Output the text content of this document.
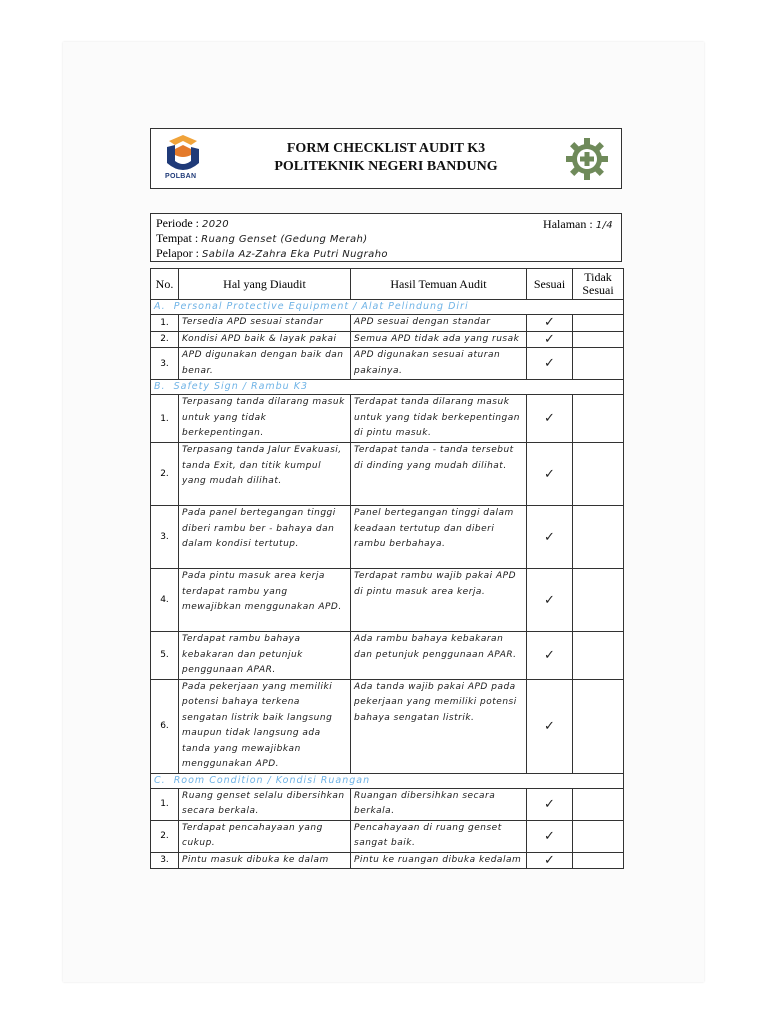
POLBAN
FORM CHECKLIST AUDIT K3
POLITEKNIK NEGERI BANDUNG
Periode : 2020
Tempat : Ruang Genset (Gedung Merah)
Pelapor : Sabila Az-Zahra Eka Putri Nugraho
Halaman : 1/4
No.	Hal yang Diaudit	Hasil Temuan Audit	Sesuai	Tidak Sesuai
A. Personal Protective Equipment / Alat Pelindung Diri				
1.	Tersedia APD sesuai standar	APD sesuai dengan standar	✓	
2.	Kondisi APD baik & layak pakai	Semua APD tidak ada yang rusak	✓	
3.	APD digunakan dengan baik dan benar.	APD digunakan sesuai aturan pakainya.	✓	
B. Safety Sign / Rambu K3				
1.	Terpasang tanda dilarang masuk untuk yang tidak berkepentingan.	Terdapat tanda dilarang masuk untuk yang tidak berkepentingan di pintu masuk.	✓	
2.	Terpasang tanda Jalur Evakuasi, tanda Exit, dan titik kumpul yang mudah dilihat.	Terdapat tanda - tanda tersebut di dinding yang mudah dilihat.	✓	
3.	Pada panel bertegangan tinggi diberi rambu ber - bahaya dan dalam kondisi tertutup.	Panel bertegangan tinggi dalam keadaan tertutup dan diberi rambu berbahaya.	✓	
4.	Pada pintu masuk area kerja terdapat rambu yang mewajibkan menggunakan APD.	Terdapat rambu wajib pakai APD di pintu masuk area kerja.	✓	
5.	Terdapat rambu bahaya kebakaran dan petunjuk penggunaan APAR.	Ada rambu bahaya kebakaran dan petunjuk penggunaan APAR.	✓	
6.	Pada pekerjaan yang memiliki potensi bahaya terkena sengatan listrik baik langsung maupun tidak langsung ada tanda yang mewajibkan menggunakan APD.	Ada tanda wajib pakai APD pada pekerjaan yang memiliki potensi bahaya sengatan listrik.	✓	
C. Room Condition / Kondisi Ruangan				
1.	Ruang genset selalu dibersihkan secara berkala.	Ruangan dibersihkan secara berkala.	✓	
2.	Terdapat pencahayaan yang cukup.	Pencahayaan di ruang genset sangat baik.	✓	
3.	Pintu masuk dibuka ke dalam	Pintu ke ruangan dibuka kedalam	✓	
